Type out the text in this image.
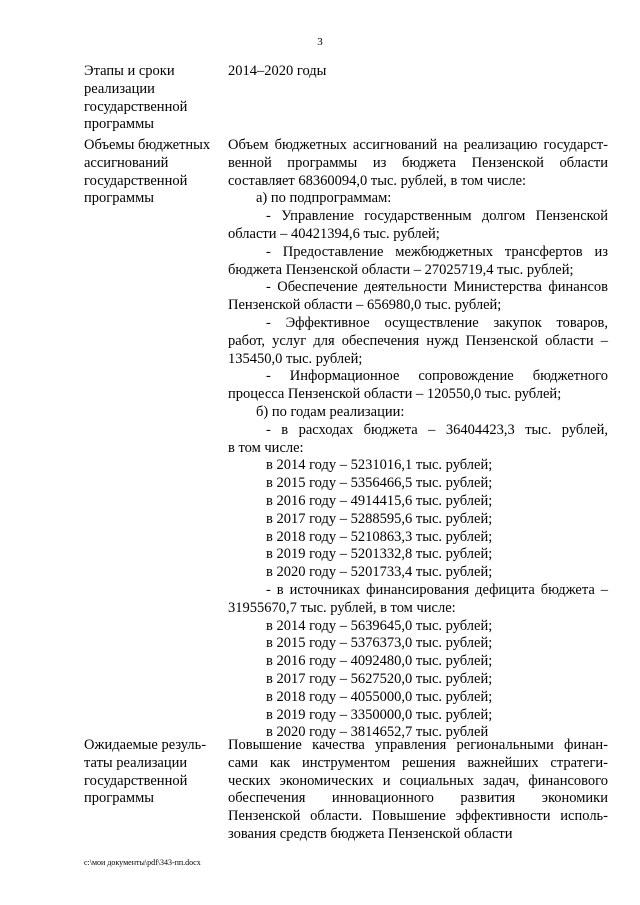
3
Этапы и сроки
реализации
государственной
программы
2014–2020 годы
Объемы бюджетных
ассигнований
государственной
программы
Объем бюджетных ассигнований на реализацию государст-
венной программы из бюджета Пензенской области
составляет 68360094,0 тыс. рублей, в том числе:
а) по подпрограммам:
- Управление государственным долгом Пензенской
области – 40421394,6 тыс. рублей;
- Предоставление межбюджетных трансфертов из
бюджета Пензенской области – 27025719,4 тыс. рублей;
- Обеспечение деятельности Министерства финансов
Пензенской области – 656980,0 тыс. рублей;
- Эффективное осуществление закупок товаров,
работ, услуг для обеспечения нужд Пензенской области –
135450,0 тыс. рублей;
- Информационное сопровождение бюджетного
процесса Пензенской области – 120550,0 тыс. рублей;
б) по годам реализации:
- в расходах бюджета – 36404423,3 тыс. рублей,
в том числе:
в 2014 году – 5231016,1 тыс. рублей;
в 2015 году – 5356466,5 тыс. рублей;
в 2016 году – 4914415,6 тыс. рублей;
в 2017 году – 5288595,6 тыс. рублей;
в 2018 году – 5210863,3 тыс. рублей;
в 2019 году – 5201332,8 тыс. рублей;
в 2020 году – 5201733,4 тыс. рублей;
- в источниках финансирования дефицита бюджета –
31955670,7 тыс. рублей, в том числе:
в 2014 году – 5639645,0 тыс. рублей;
в 2015 году – 5376373,0 тыс. рублей;
в 2016 году – 4092480,0 тыс. рублей;
в 2017 году – 5627520,0 тыс. рублей;
в 2018 году – 4055000,0 тыс. рублей;
в 2019 году – 3350000,0 тыс. рублей;
в 2020 году – 3814652,7 тыс. рублей
Ожидаемые резуль-
таты реализации
государственной
программы
Повышение качества управления региональными финан-
сами как инструментом решения важнейших стратеги-
ческих экономических и социальных задач, финансового
обеспечения инновационного развития экономики
Пензенской области. Повышение эффективности исполь-
зования средств бюджета Пензенской области
c:\мои документы\pdf\343-пп.docx
